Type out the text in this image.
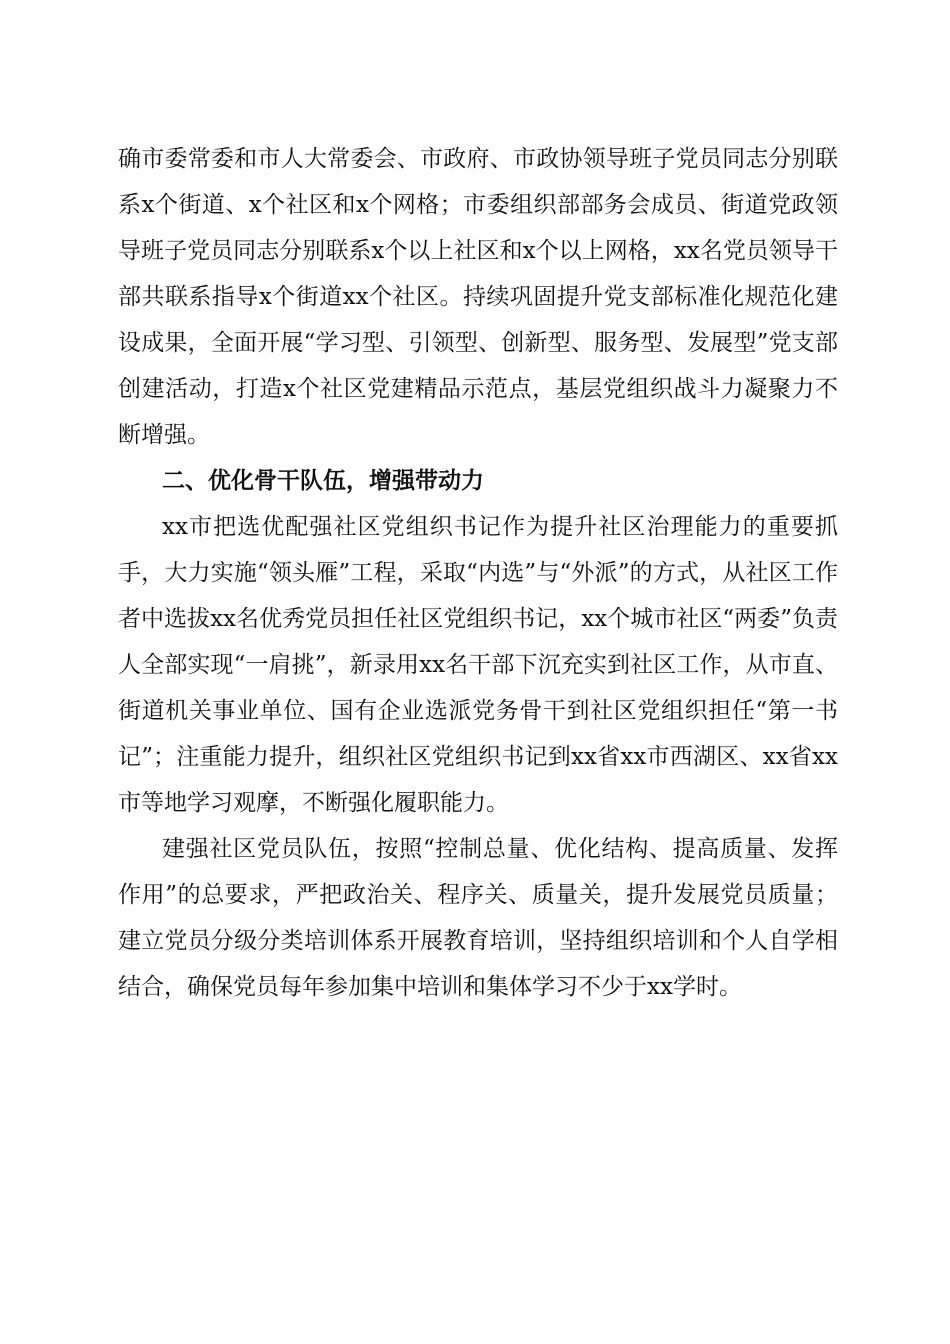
确市委常委和市人大常委会、市政府、市政协领导班子党员同志分别联系x个街道、x个社区和x个网格；市委组织部部务会成员、街道党政领导班子党员同志分别联系x个以上社区和x个以上网格，xx名党员领导干部共联系指导x个街道xx个社区。持续巩固提升党支部标准化规范化建设成果，全面开展“学习型、引领型、创新型、服务型、发展型”党支部创建活动，打造x个社区党建精品示范点，基层党组织战斗力凝聚力不断增强。

二、优化骨干队伍，增强带动力

xx市把选优配强社区党组织书记作为提升社区治理能力的重要抓手，大力实施“领头雁”工程，采取“内选”与“外派”的方式，从社区工作者中选拔xx名优秀党员担任社区党组织书记，xx个城市社区“两委”负责人全部实现“一肩挑”，新录用xx名干部下沉充实到社区工作，从市直、街道机关事业单位、国有企业选派党务骨干到社区党组织担任“第一书记”；注重能力提升，组织社区党组织书记到xx省xx市西湖区、xx省xx市等地学习观摩，不断强化履职能力。

建强社区党员队伍，按照“控制总量、优化结构、提高质量、发挥作用”的总要求，严把政治关、程序关、质量关，提升发展党员质量；建立党员分级分类培训体系开展教育培训，坚持组织培训和个人自学相结合，确保党员每年参加集中培训和集体学习不少于xx学时。
